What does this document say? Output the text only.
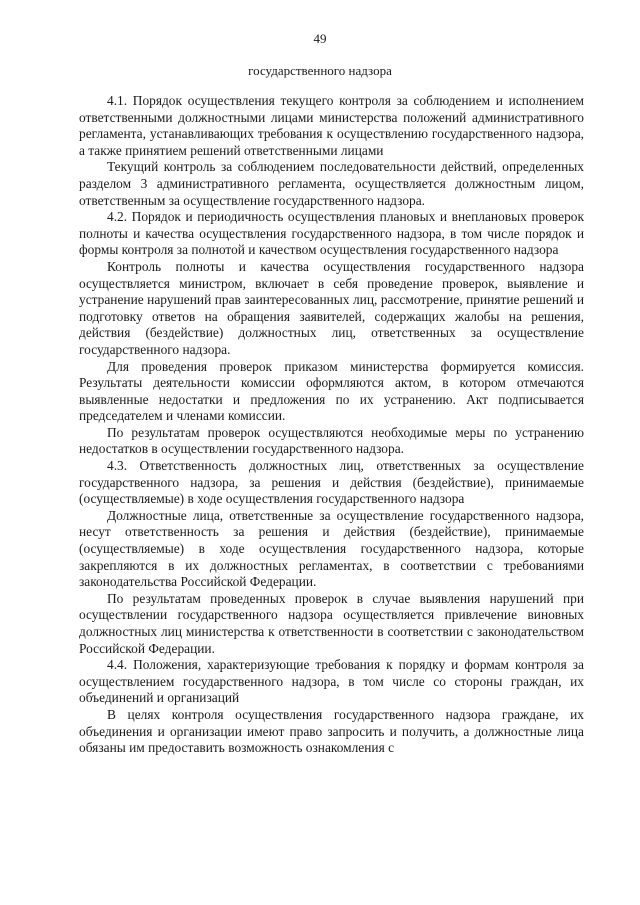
49
государственного надзора

4.1. Порядок осуществления текущего контроля за соблюдением и исполнением ответственными должностными лицами министерства положений административного регламента, устанавливающих требования к осуществлению государственного надзора, а также принятием решений ответственными лицами

Текущий контроль за соблюдением последовательности действий, определенных разделом 3 административного регламента, осуществляется должностным лицом, ответственным за осуществление государственного надзора.

4.2. Порядок и периодичность осуществления плановых и внеплановых проверок полноты и качества осуществления государственного надзора, в том числе порядок и формы контроля за полнотой и качеством осуществления государственного надзора

Контроль полноты и качества осуществления государственного надзора осуществляется министром, включает в себя проведение проверок, выявление и устранение нарушений прав заинтересованных лиц, рассмотрение, принятие решений и подготовку ответов на обращения заявителей, содержащих жалобы на решения, действия (бездействие) должностных лиц, ответственных за осуществление государственного надзора.

Для проведения проверок приказом министерства формируется комиссия. Результаты деятельности комиссии оформляются актом, в котором отмечаются выявленные недостатки и предложения по их устранению. Акт подписывается председателем и членами комиссии.

По результатам проверок осуществляются необходимые меры по устранению недостатков в осуществлении государственного надзора.

4.3. Ответственность должностных лиц, ответственных за осуществление государственного надзора, за решения и действия (бездействие), принимаемые (осуществляемые) в ходе осуществления государственного надзора

Должностные лица, ответственные за осуществление государственного надзора, несут ответственность за решения и действия (бездействие), принимаемые (осуществляемые) в ходе осуществления государственного надзора, которые закрепляются в их должностных регламентах, в соответствии с требованиями законодательства Российской Федерации.

По результатам проведенных проверок в случае выявления нарушений при осуществлении государственного надзора осуществляется привлечение виновных должностных лиц министерства к ответственности в соответствии с законодательством Российской Федерации.

4.4. Положения, характеризующие требования к порядку и формам контроля за осуществлением государственного надзора, в том числе со стороны граждан, их объединений и организаций

В целях контроля осуществления государственного надзора граждане, их объединения и организации имеют право запросить и получить, а должностные лица обязаны им предоставить возможность ознакомления с
